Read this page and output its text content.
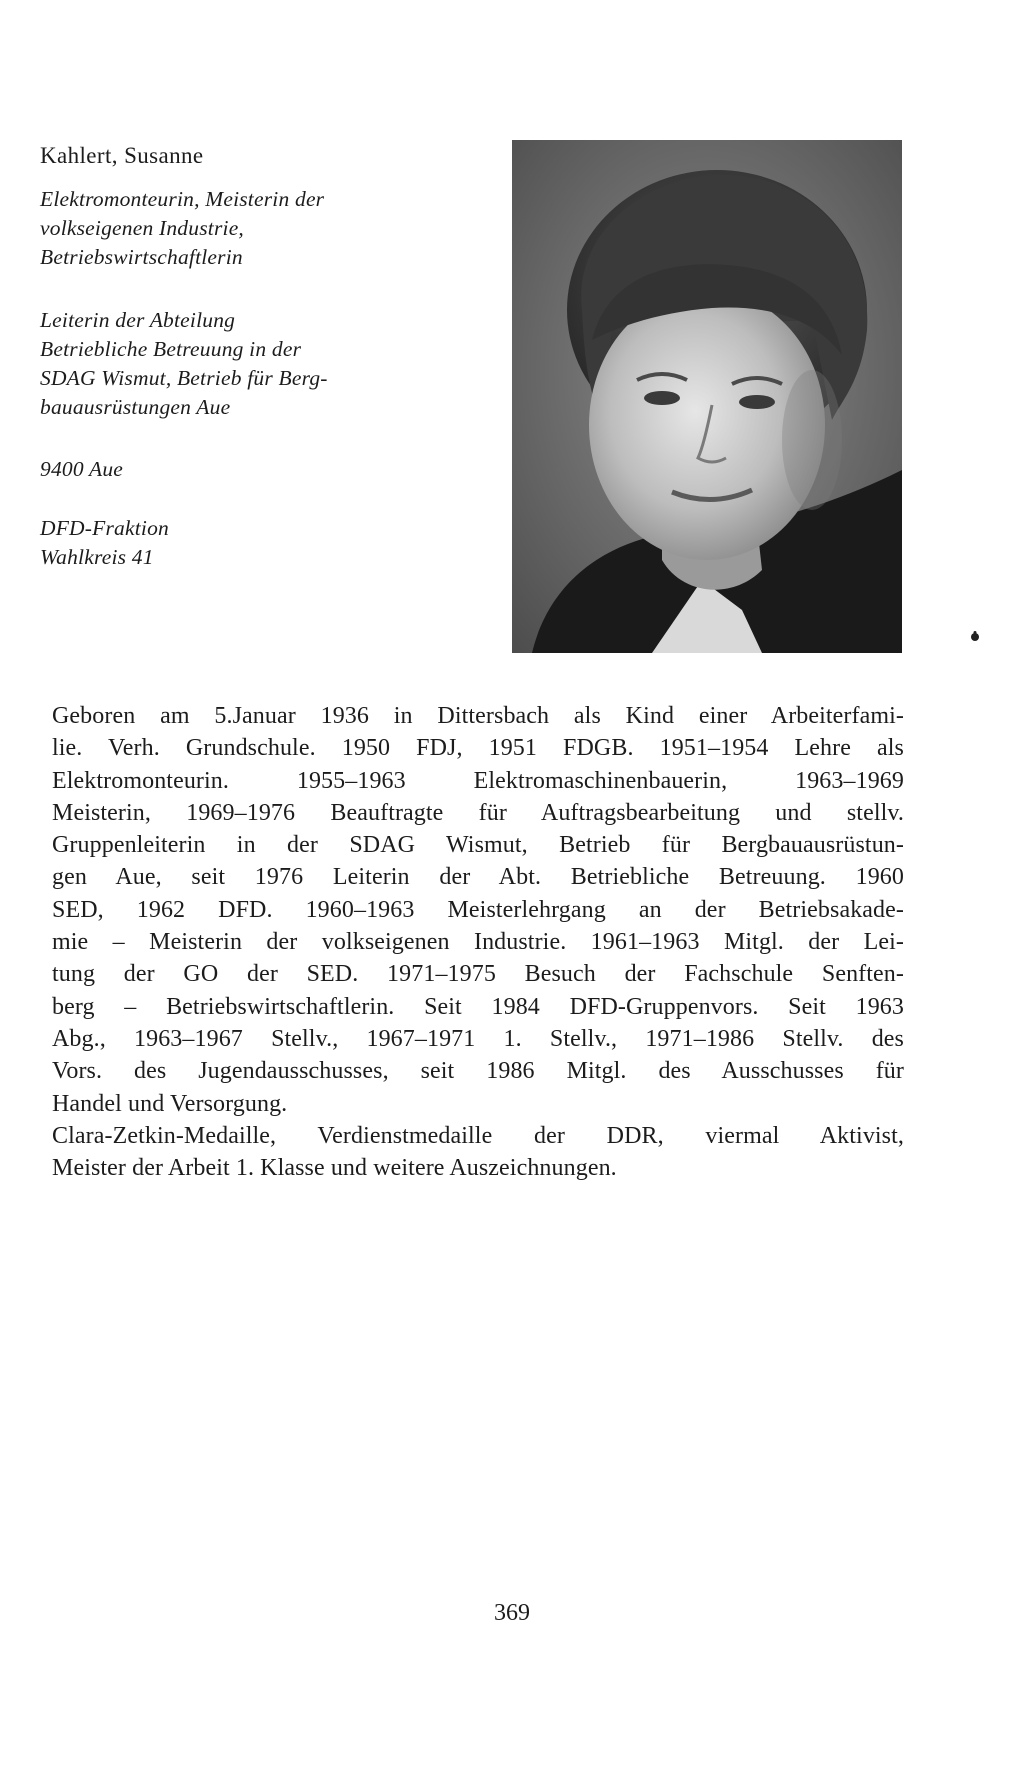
Kahlert, Susanne
Elektromonteurin, Meisterin der
volkseigenen Industrie,
Betriebswirtschaftlerin
Leiterin der Abteilung
Betriebliche Betreuung in der
SDAG Wismut, Betrieb für Berg-
bauausrüstungen Aue
9400 Aue
DFD-Fraktion
Wahlkreis 41
Geboren am 5.Januar 1936 in Dittersbach als Kind einer Arbeiterfami-
lie. Verh. Grundschule. 1950 FDJ, 1951 FDGB. 1951–1954 Lehre als
Elektromonteurin. 1955–1963 Elektromaschinenbauerin, 1963–1969
Meisterin, 1969–1976 Beauftragte für Auftragsbearbeitung und stellv.
Gruppenleiterin in der SDAG Wismut, Betrieb für Bergbauausrüstun-
gen Aue, seit 1976 Leiterin der Abt. Betriebliche Betreuung. 1960
SED, 1962 DFD. 1960–1963 Meisterlehrgang an der Betriebsakade-
mie – Meisterin der volkseigenen Industrie. 1961–1963 Mitgl. der Lei-
tung der GO der SED. 1971–1975 Besuch der Fachschule Senften-
berg – Betriebswirtschaftlerin. Seit 1984 DFD-Gruppenvors. Seit 1963
Abg., 1963–1967 Stellv., 1967–1971 1. Stellv., 1971–1986 Stellv. des
Vors. des Jugendausschusses, seit 1986 Mitgl. des Ausschusses für
Handel und Versorgung.
Clara-Zetkin-Medaille, Verdienstmedaille der DDR, viermal Aktivist,
Meister der Arbeit 1. Klasse und weitere Auszeichnungen.
369
